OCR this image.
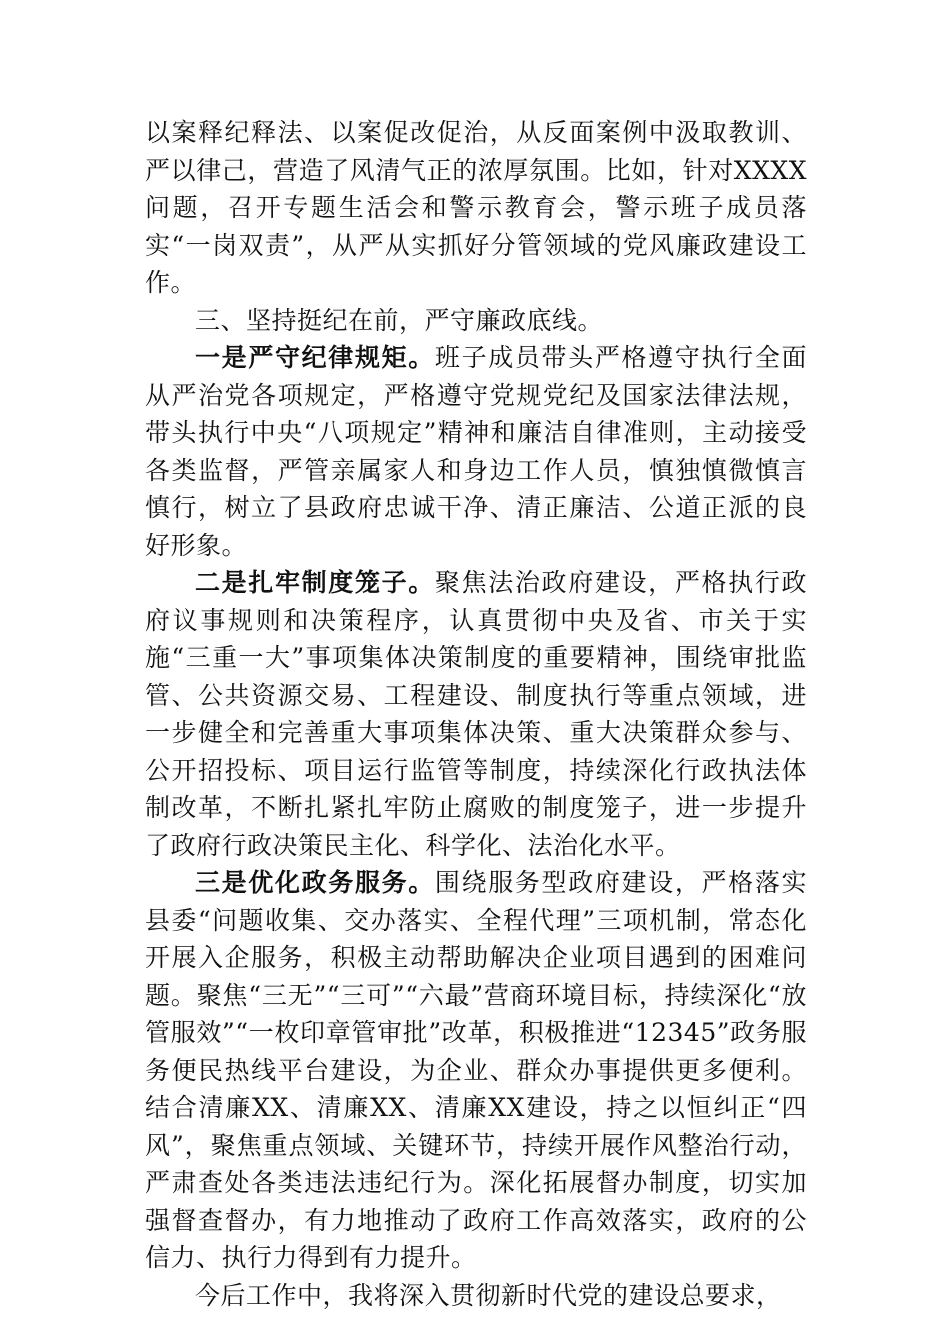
以案释纪释法、以案促改促治，从反面案例中汲取教训、严以律己，营造了风清气正的浓厚氛围。比如，针对XXXX问题，召开专题生活会和警示教育会，警示班子成员落实“一岗双责”，从严从实抓好分管领域的党风廉政建设工作。

三、坚持挺纪在前，严守廉政底线。

一是严守纪律规矩。班子成员带头严格遵守执行全面从严治党各项规定，严格遵守党规党纪及国家法律法规，带头执行中央“八项规定”精神和廉洁自律准则，主动接受各类监督，严管亲属家人和身边工作人员，慎独慎微慎言慎行，树立了县政府忠诚干净、清正廉洁、公道正派的良好形象。

二是扎牢制度笼子。聚焦法治政府建设，严格执行政府议事规则和决策程序，认真贯彻中央及省、市关于实施“三重一大”事项集体决策制度的重要精神，围绕审批监管、公共资源交易、工程建设、制度执行等重点领域，进一步健全和完善重大事项集体决策、重大决策群众参与、公开招投标、项目运行监管等制度，持续深化行政执法体制改革，不断扎紧扎牢防止腐败的制度笼子，进一步提升了政府行政决策民主化、科学化、法治化水平。

三是优化政务服务。围绕服务型政府建设，严格落实县委“问题收集、交办落实、全程代理”三项机制，常态化开展入企服务，积极主动帮助解决企业项目遇到的困难问题。聚焦“三无”“三可”“六最”营商环境目标，持续深化“放管服效”“一枚印章管审批”改革，积极推进“12345”政务服务便民热线平台建设，为企业、群众办事提供更多便利。结合清廉XX、清廉XX、清廉XX建设，持之以恒纠正“四风”，聚焦重点领域、关键环节，持续开展作风整治行动，严肃查处各类违法违纪行为。深化拓展督办制度，切实加强督查督办，有力地推动了政府工作高效落实，政府的公信力、执行力得到有力提升。

今后工作中，我将深入贯彻新时代党的建设总要求，
